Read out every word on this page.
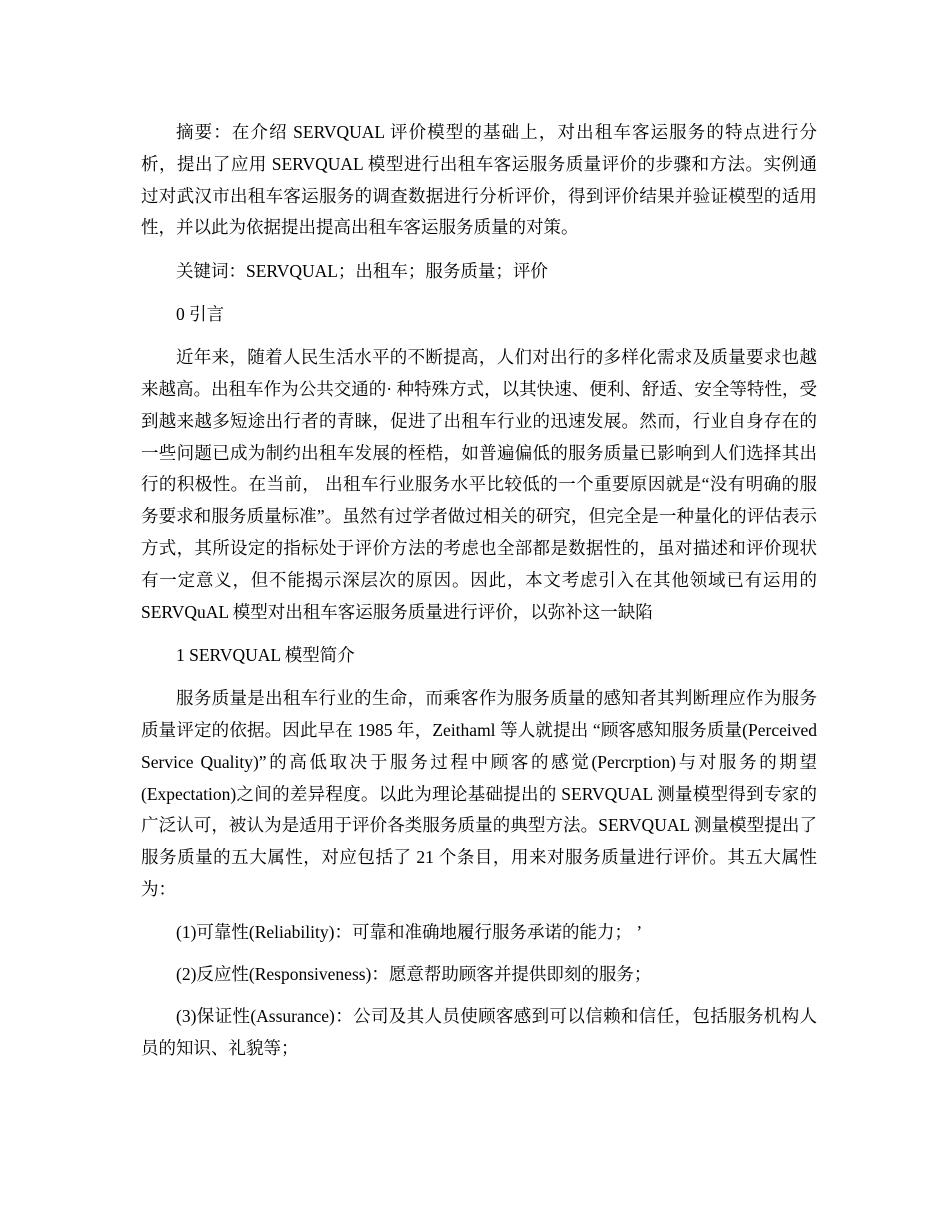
摘要：在介绍 SERVQUAL 评价模型的基础上，对出租车客运服务的特点进行分析，提出了应用 SERVQUAL 模型进行出租车客运服务质量评价的步骤和方法。实例通过对武汉市出租车客运服务的调查数据进行分析评价，得到评价结果并验证模型的适用性，并以此为依据提出提高出租车客运服务质量的对策。

关键词：SERVQUAL；出租车；服务质量；评价

0 引言

近年来，随着人民生活水平的不断提高，人们对出行的多样化需求及质量要求也越来越高。出租车作为公共交通的· 种特殊方式，以其快速、便利、舒适、安全等特性，受到越来越多短途出行者的青睐，促进了出租车行业的迅速发展。然而，行业自身存在的一些问题已成为制约出租车发展的桎梏，如普遍偏低的服务质量已影响到人们选择其出行的积极性。在当前， 出租车行业服务水平比较低的一个重要原因就是“没有明确的服务要求和服务质量标准”。虽然有过学者做过相关的研究，但完全是一种量化的评估表示方式，其所设定的指标处于评价方法的考虑也全部都是数据性的，虽对描述和评价现状有一定意义，但不能揭示深层次的原因。因此，本文考虑引入在其他领域已有运用的 SERVQuAL 模型对出租车客运服务质量进行评价，以弥补这一缺陷

1 SERVQUAL 模型简介

服务质量是出租车行业的生命，而乘客作为服务质量的感知者其判断理应作为服务质量评定的依据。因此早在 1985 年，Zeithaml 等人就提出 “顾客感知服务质量(Perceived Service Quality)”的高低取决于服务过程中顾客的感觉(Percrption)与对服务的期望(Expectation)之间的差异程度。以此为理论基础提出的 SERVQUAL 测量模型得到专家的广泛认可，被认为是适用于评价各类服务质量的典型方法。SERVQUAL 测量模型提出了服务质量的五大属性，对应包括了 21 个条目，用来对服务质量进行评价。其五大属性为：

(1)可靠性(Reliability)：可靠和准确地履行服务承诺的能力； ’

(2)反应性(Responsiveness)：愿意帮助顾客并提供即刻的服务；

(3)保证性(Assurance)：公司及其人员使顾客感到可以信赖和信任，包括服务机构人员的知识、礼貌等；
